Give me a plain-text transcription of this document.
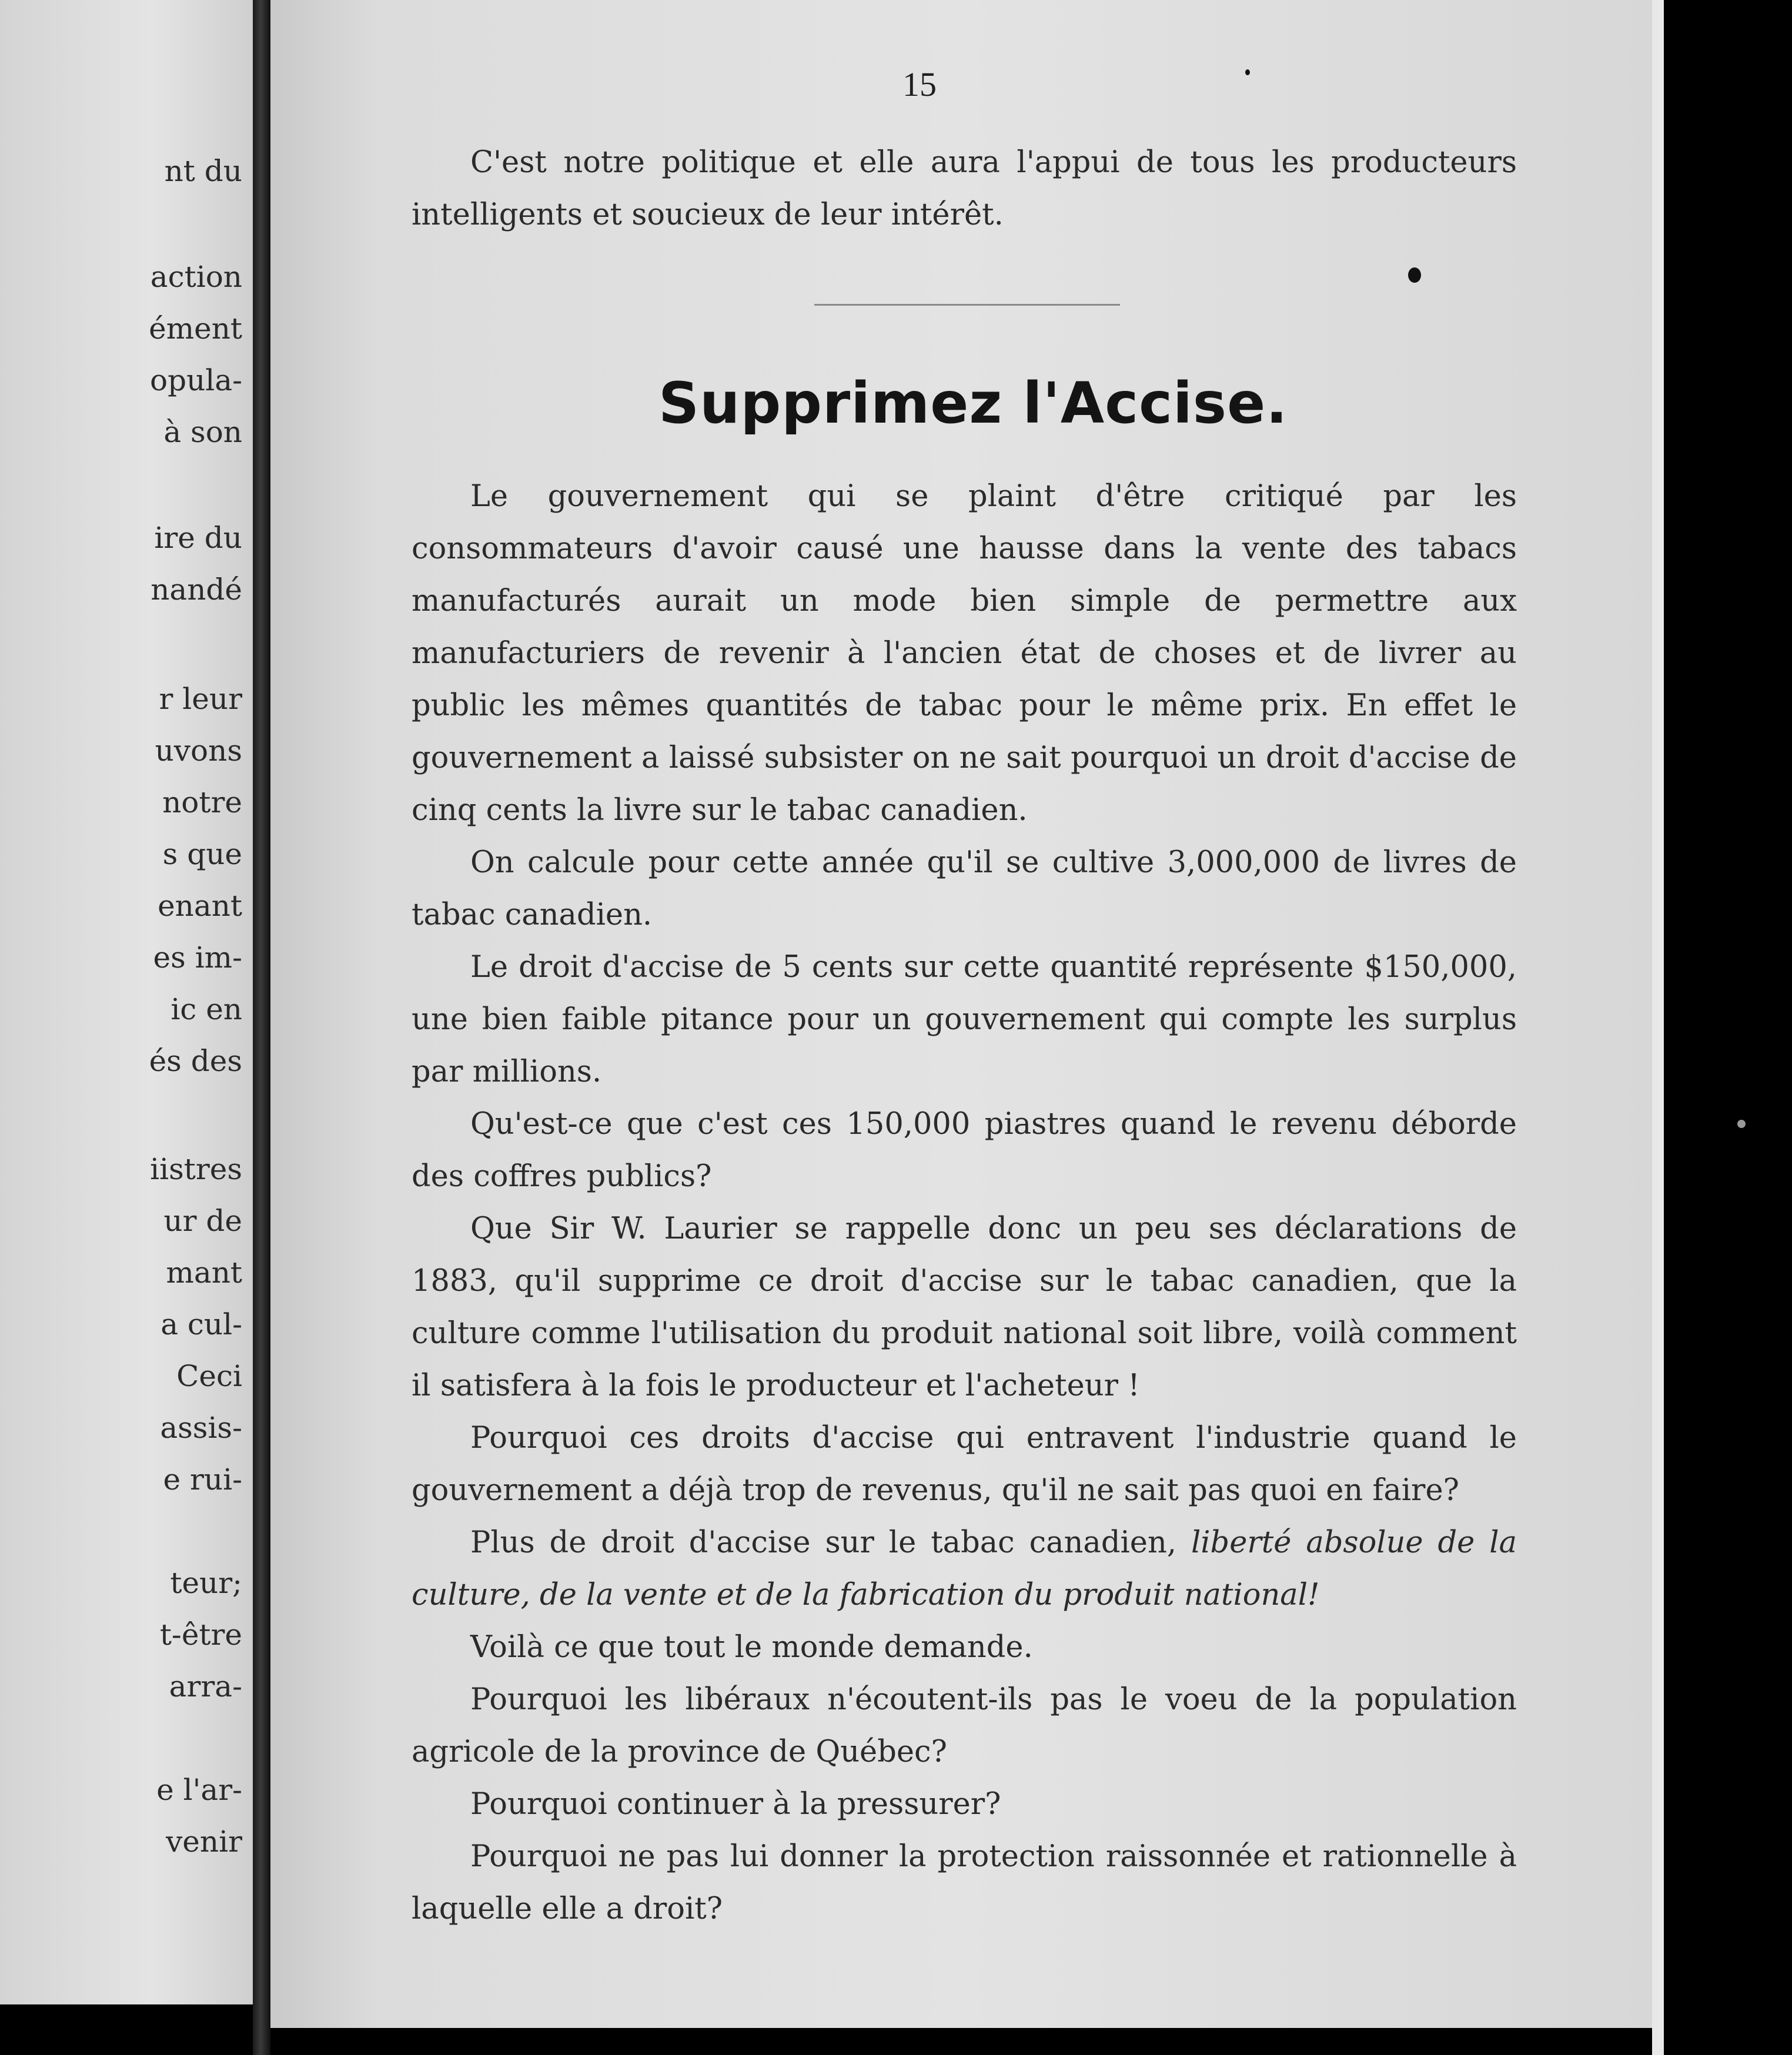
nt du
action
ément
opula-
à son
ire du
nandé
r leur
uvons
notre
s que
enant
es im-
ic en
és des
iistres
ur de
mant
a cul-
Ceci
assis-
e rui-
teur;
t-être
arra-
e l'ar-
venir
15

C'est notre politique et elle aura l'appui de tous les producteurs intelligents et soucieux de leur intérêt.

Supprimez l'Accise.

Le gouvernement qui se plaint d'être critiqué par les consommateurs d'avoir causé une hausse dans la vente des tabacs manufacturés aurait un mode bien simple de permettre aux manufacturiers de revenir à l'ancien état de choses et de livrer au public les mêmes quantités de tabac pour le même prix. En effet le gouvernement a laissé subsister on ne sait pourquoi un droit d'accise de cinq cents la livre sur le tabac canadien.

On calcule pour cette année qu'il se cultive 3,000,000 de livres de tabac canadien.

Le droit d'accise de 5 cents sur cette quantité représente $150,000, une bien faible pitance pour un gouvernement qui compte les surplus par millions.

Qu'est-ce que c'est ces 150,000 piastres quand le revenu déborde des coffres publics?

Que Sir W. Laurier se rappelle donc un peu ses déclarations de 1883, qu'il supprime ce droit d'accise sur le tabac canadien, que la culture comme l'utilisation du produit national soit libre, voilà comment il satisfera à la fois le producteur et l'acheteur !

Pourquoi ces droits d'accise qui entravent l'industrie quand le gouvernement a déjà trop de revenus, qu'il ne sait pas quoi en faire?

Plus de droit d'accise sur le tabac canadien, liberté absolue de la culture, de la vente et de la fabrication du produit national!

Voilà ce que tout le monde demande.

Pourquoi les libéraux n'écoutent-ils pas le voeu de la population agricole de la province de Québec?

Pourquoi continuer à la pressurer?

Pourquoi ne pas lui donner la protection raissonnée et rationnelle à laquelle elle a droit?
